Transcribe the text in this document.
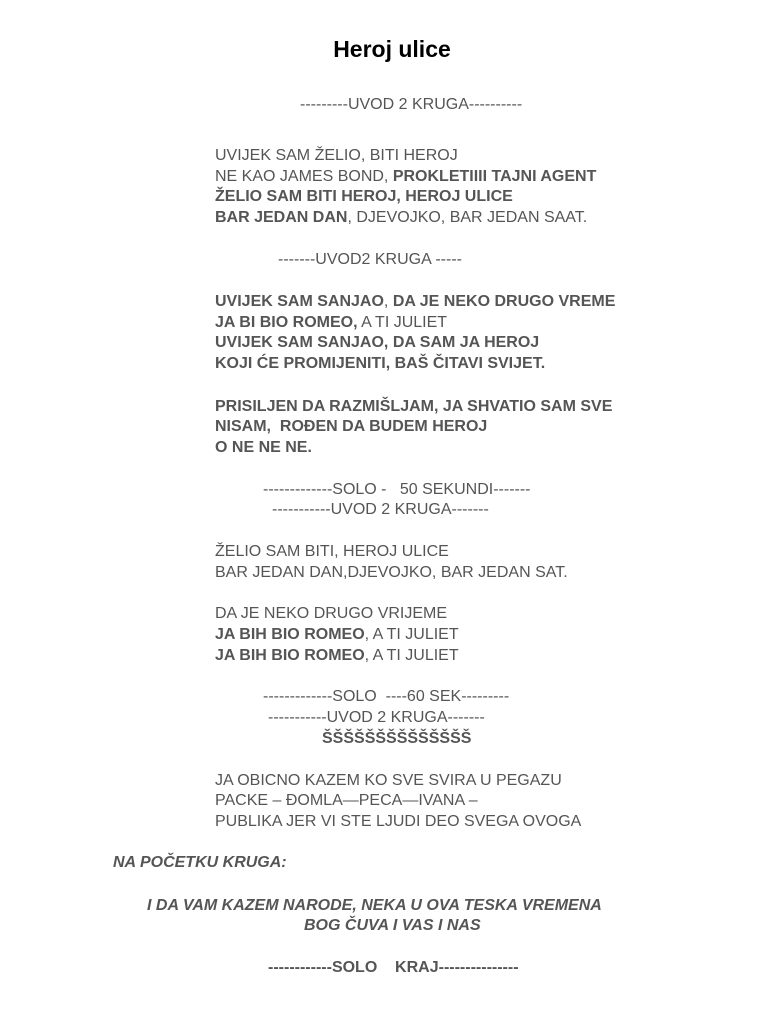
Heroj ulice
---------UVOD 2 KRUGA----------
UVIJEK SAM ŽELIO, BITI HEROJ
NE KAO JAMES BOND, PROKLETIIII TAJNI AGENT
ŽELIO SAM BITI HEROJ, HEROJ ULICE
BAR JEDAN DAN, DJEVOJKO, BAR JEDAN SAAT.
-------UVOD2 KRUGA -----
UVIJEK SAM SANJAO, DA JE NEKO DRUGO VREME
JA BI BIO ROMEO, A TI JULIET
UVIJEK SAM SANJAO, DA SAM JA HEROJ
KOJI ĆE PROMIJENITI, BAŠ ČITAVI SVIJET.
PRISILJEN DA RAZMIŠLJAM, JA SHVATIO SAM SVE
NISAM,  ROĐEN DA BUDEM HEROJ
O NE NE NE.
-------------SOLO -   50 SEKUNDI-------
-----------UVOD 2 KRUGA-------
ŽELIO SAM BITI, HEROJ ULICE
BAR JEDAN DAN,DJEVOJKO, BAR JEDAN SAT.
DA JE NEKO DRUGO VRIJEME
JA BIH BIO ROMEO, A TI JULIET
JA BIH BIO ROMEO, A TI JULIET
-------------SOLO  ----60 SEK---------
-----------UVOD 2 KRUGA-------
ŠŠŠŠŠŠŠŠŠŠŠŠŠŠ
JA OBICNO KAZEM KO SVE SVIRA U PEGAZU
PACKE – ĐOMLA—PECA—IVANA –
PUBLIKA JER VI STE LJUDI DEO SVEGA OVOGA
NA POČETKU KRUGA:
I DA VAM KAZEM NARODE, NEKA U OVA TESKA VREMENA
BOG ČUVA I VAS I NAS
------------SOLO    KRAJ---------------
